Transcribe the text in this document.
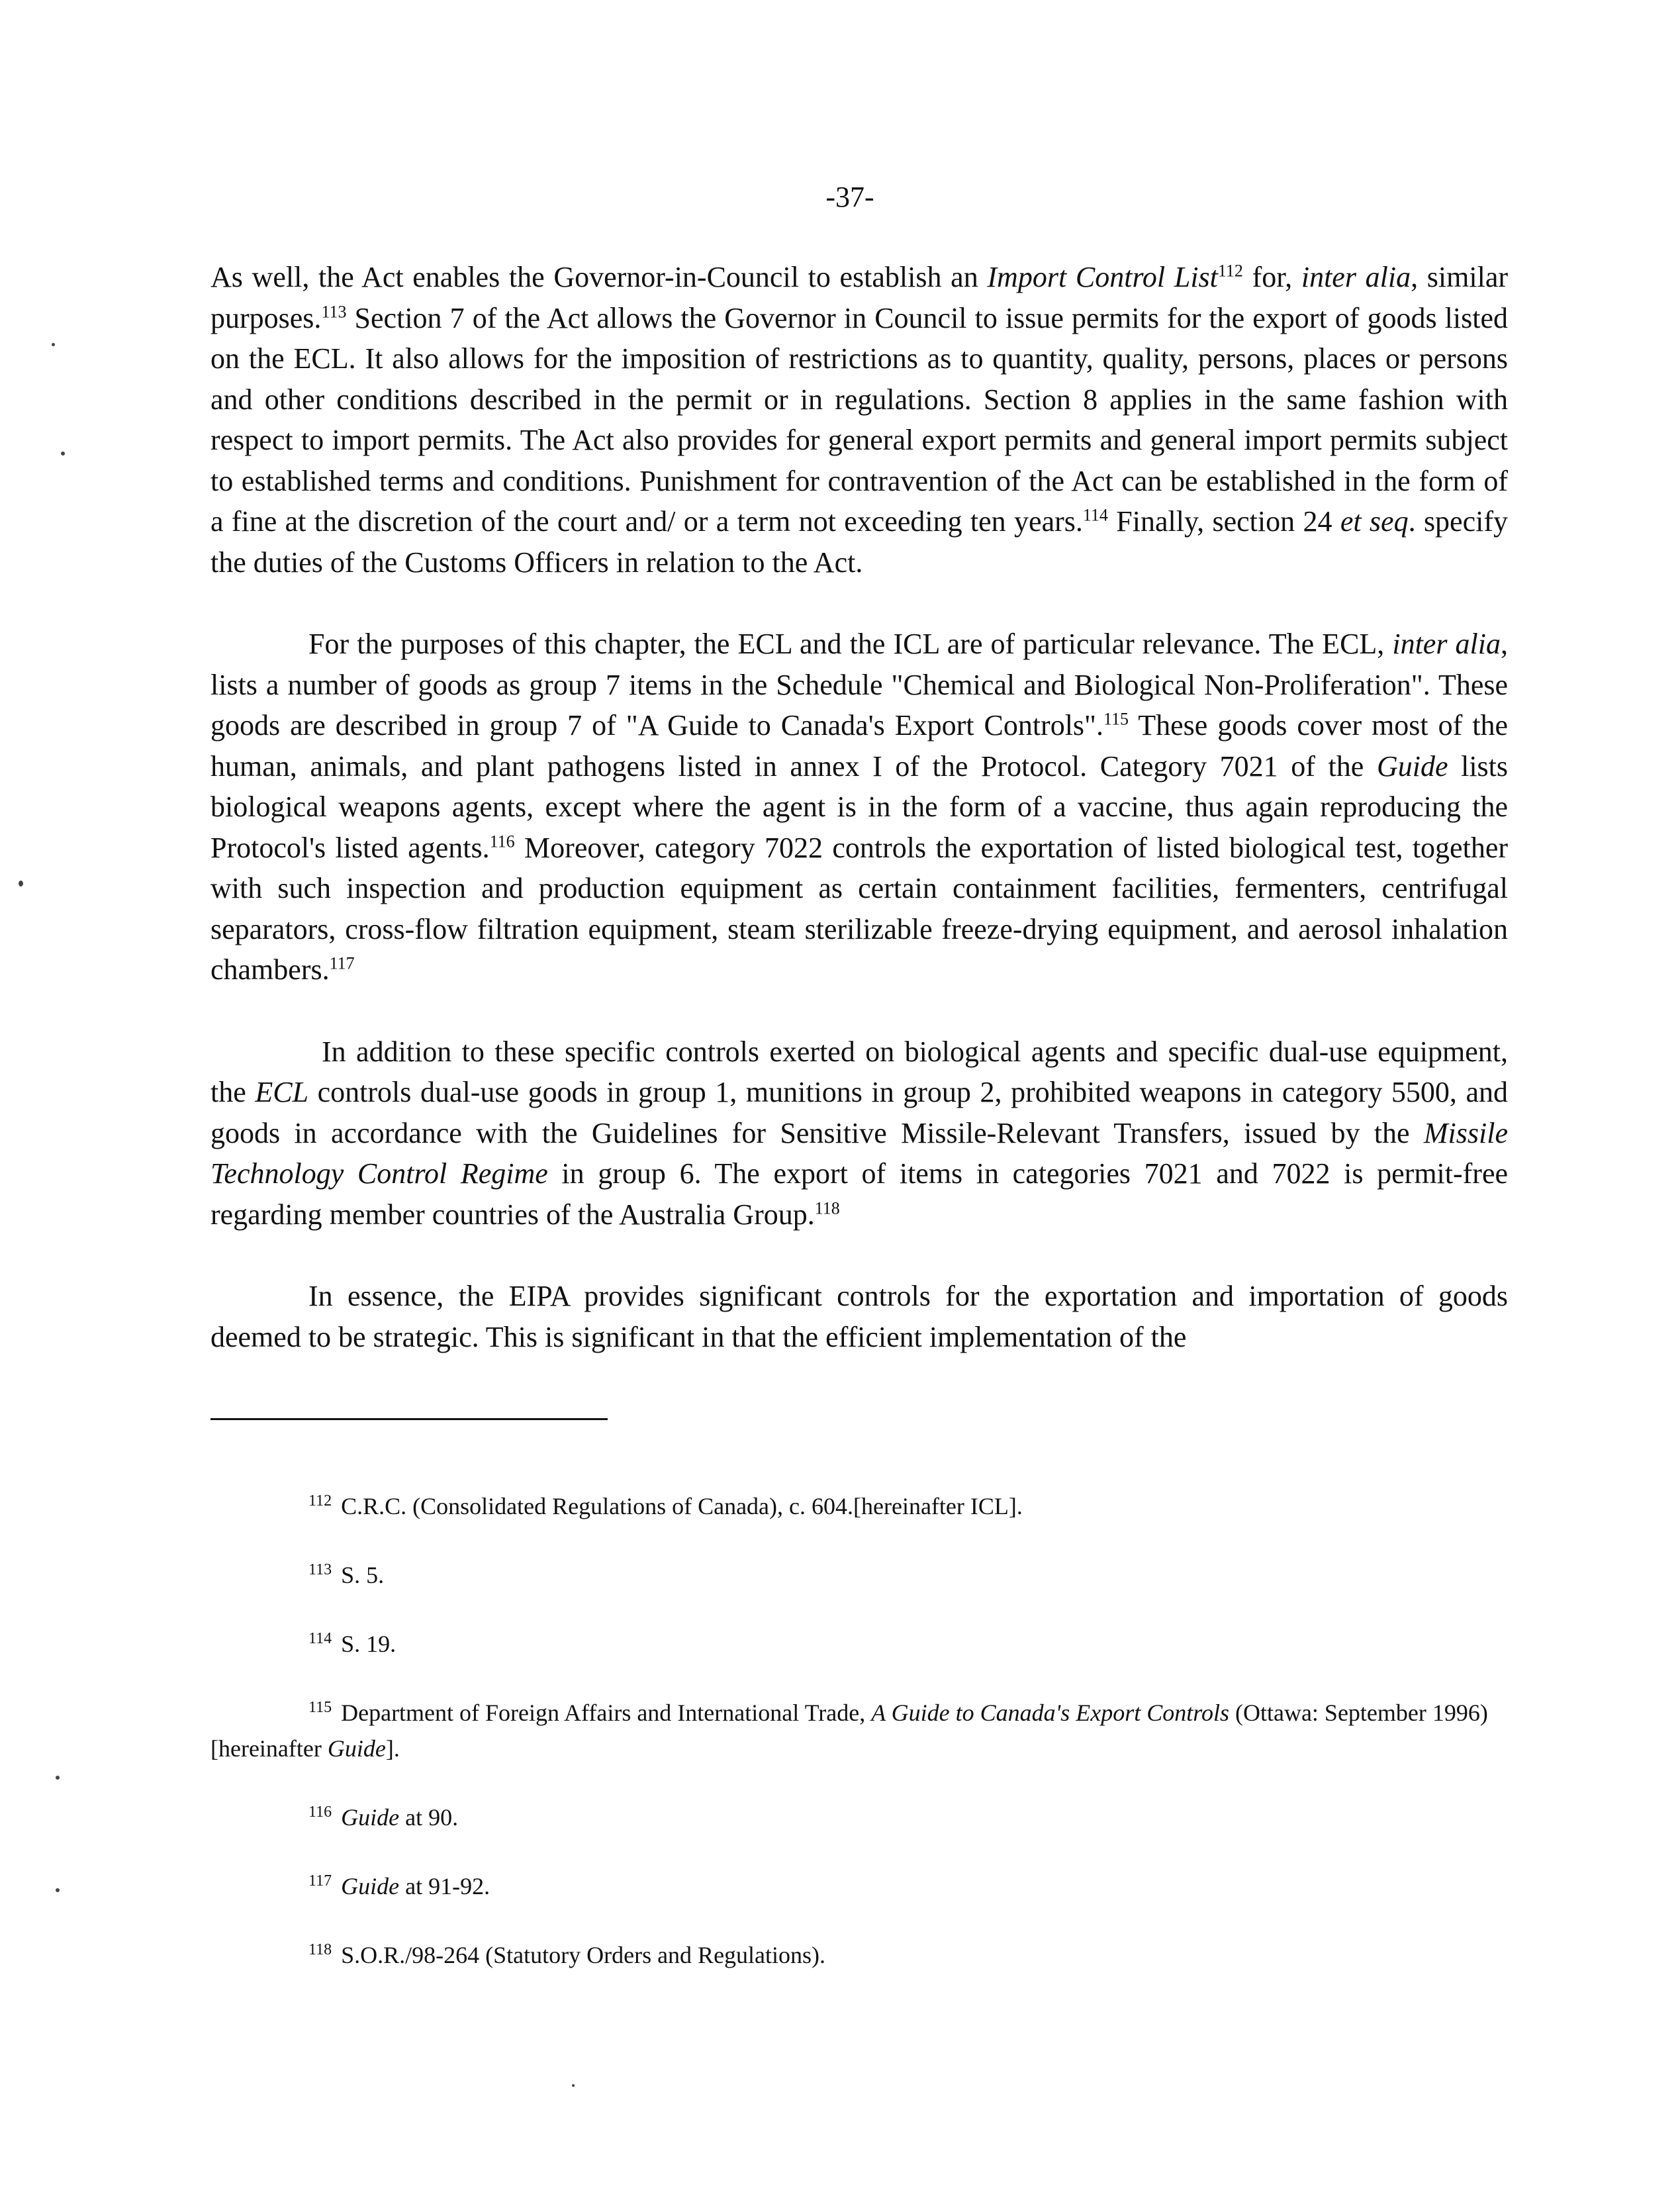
-37-

As well, the Act enables the Governor-in-Council to establish an Import Control List$^{112}$ for, inter alia, similar purposes.$^{113}$ Section 7 of the Act allows the Governor in Council to issue permits for the export of goods listed on the ECL. It also allows for the imposition of restrictions as to quantity, quality, persons, places or persons and other conditions described in the permit or in regulations. Section 8 applies in the same fashion with respect to import permits. The Act also provides for general export permits and general import permits subject to established terms and conditions. Punishment for contravention of the Act can be established in the form of a fine at the discretion of the court and/ or a term not exceeding ten years.$^{114}$ Finally, section 24 et seq. specify the duties of the Customs Officers in relation to the Act.

For the purposes of this chapter, the ECL and the ICL are of particular relevance. The ECL, inter alia, lists a number of goods as group 7 items in the Schedule "Chemical and Biological Non-Proliferation". These goods are described in group 7 of "A Guide to Canada's Export Controls".$^{115}$ These goods cover most of the human, animals, and plant pathogens listed in annex I of the Protocol. Category 7021 of the Guide lists biological weapons agents, except where the agent is in the form of a vaccine, thus again reproducing the Protocol's listed agents.$^{116}$ Moreover, category 7022 controls the exportation of listed biological test, together with such inspection and production equipment as certain containment facilities, fermenters, centrifugal separators, cross-flow filtration equipment, steam sterilizable freeze-drying equipment, and aerosol inhalation chambers.$^{117}$

In addition to these specific controls exerted on biological agents and specific dual-use equipment, the ECL controls dual-use goods in group 1, munitions in group 2, prohibited weapons in category 5500, and goods in accordance with the Guidelines for Sensitive Missile-Relevant Transfers, issued by the Missile Technology Control Regime in group 6. The export of items in categories 7021 and 7022 is permit-free regarding member countries of the Australia Group.$^{118}$

In essence, the EIPA provides significant controls for the exportation and importation of goods deemed to be strategic. This is significant in that the efficient implementation of the

$^{112}$ C.R.C. (Consolidated Regulations of Canada), c. 604.[hereinafter ICL].

$^{113}$ S. 5.

$^{114}$ S. 19.

$^{115}$ Department of Foreign Affairs and International Trade, A Guide to Canada's Export Controls (Ottawa: September 1996) [hereinafter Guide].

$^{116}$ Guide at 90.

$^{117}$ Guide at 91-92.

$^{118}$ S.O.R./98-264 (Statutory Orders and Regulations).
